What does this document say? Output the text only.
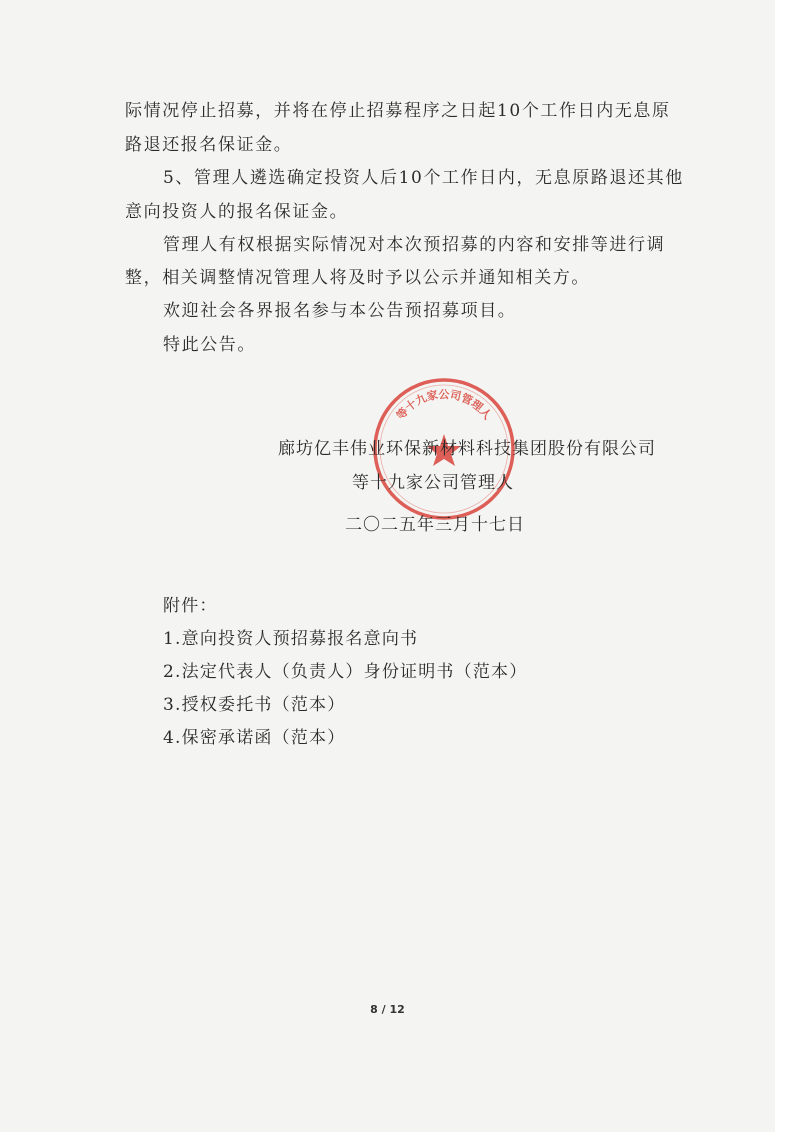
际情况停止招募，并将在停止招募程序之日起10个工作日内无息原
路退还报名保证金。
5、管理人遴选确定投资人后10个工作日内，无息原路退还其他
意向投资人的报名保证金。
管理人有权根据实际情况对本次预招募的内容和安排等进行调
整，相关调整情况管理人将及时予以公示并通知相关方。
欢迎社会各界报名参与本公告预招募项目。
特此公告。
等十九家公司管理人
廊坊亿丰伟业环保新材料科技集团股份有限公司
等十九家公司管理人
二〇二五年三月十七日
附件：
1.意向投资人预招募报名意向书
2.法定代表人（负责人）身份证明书（范本）
3.授权委托书（范本）
4.保密承诺函（范本）
8 / 12
